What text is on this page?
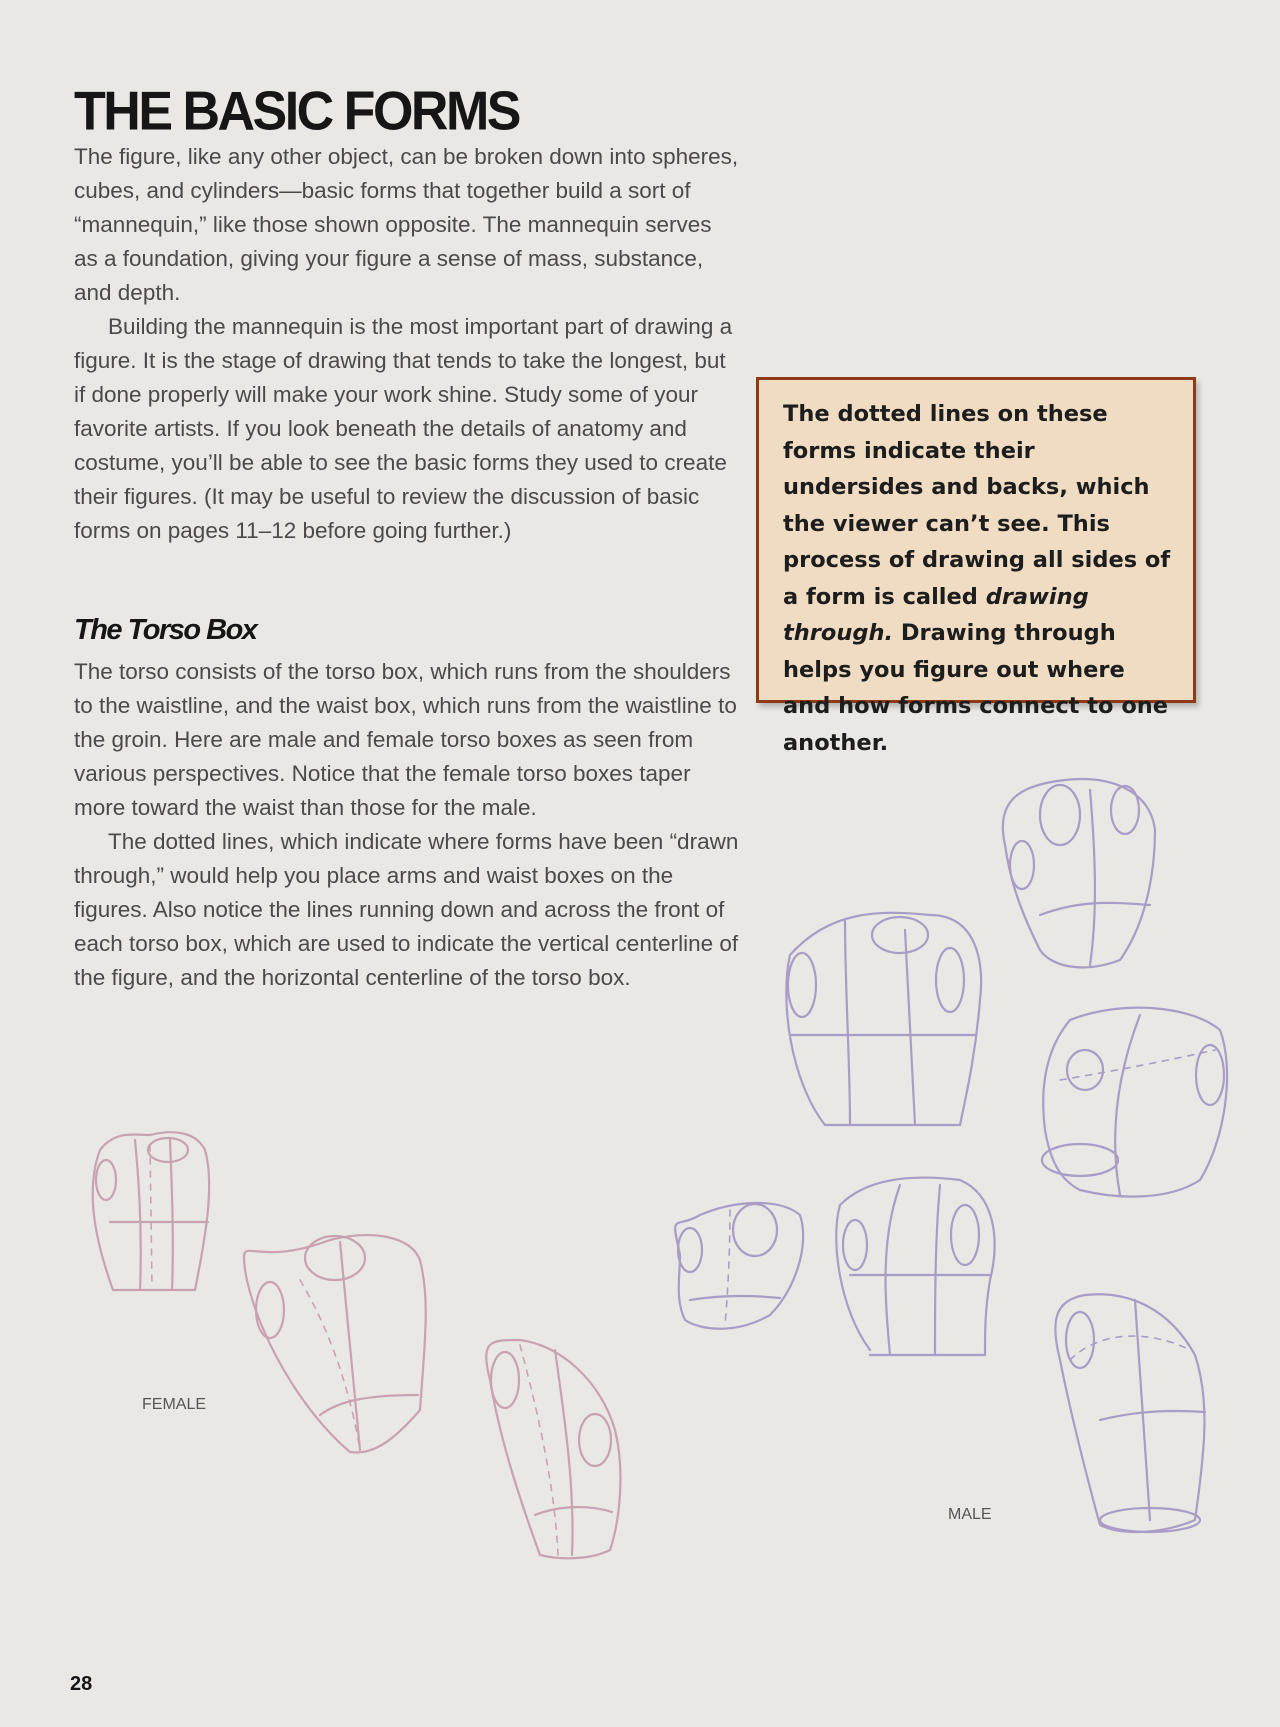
THE BASIC FORMS

The figure, like any other object, can be broken down into spheres, cubes, and cylinders—basic forms that together build a sort of “mannequin,” like those shown opposite. The mannequin serves as a foundation, giving your figure a sense of mass, substance, and depth.

Building the mannequin is the most important part of drawing a figure. It is the stage of drawing that tends to take the longest, but if done properly will make your work shine. Study some of your favorite artists. If you look beneath the details of anatomy and costume, you’ll be able to see the basic forms they used to create their figures. (It may be useful to review the discussion of basic forms on pages 11–12 before going further.)

The Torso Box

The torso consists of the torso box, which runs from the shoulders to the waistline, and the waist box, which runs from the waistline to the groin. Here are male and female torso boxes as seen from various perspectives. Notice that the female torso boxes taper more toward the waist than those for the male.

The dotted lines, which indicate where forms have been “drawn through,” would help you place arms and waist boxes on the figures. Also notice the lines running down and across the front of each torso box, which are used to indicate the vertical centerline of the figure, and the horizontal centerline of the torso box.

The dotted lines on these forms indicate their undersides and backs, which the viewer can’t see. This process of drawing all sides of a form is called drawing through. Drawing through helps you figure out where and how forms connect to one another.
FEMALE
MALE
28
